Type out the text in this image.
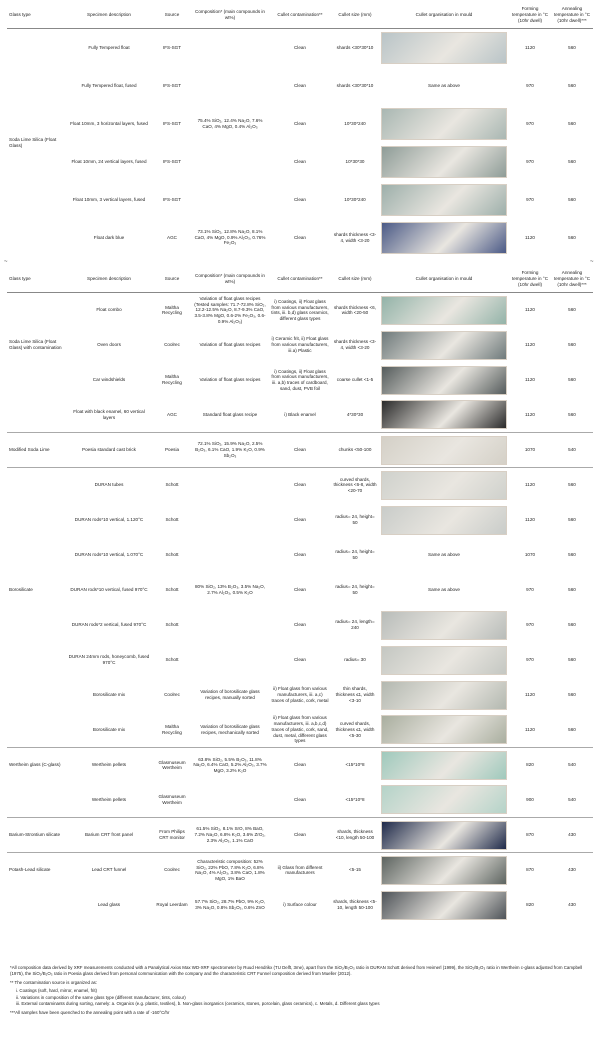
Glass type	Specimen description	Source	Composition* (main compounds in wt%)	Cullet contamination**	Cullet size (mm)	Cullet organisation in mould	Forming temperature in °C (10hr dwell)	Annealing temperature in °C (10hr dwell)***
Soda Lime Silica (Float Glass)	Fully Tempered float	IFS-SGT		Clean	shards <30*30*10		1120	560
	Fully Tempered float, fused	IFS-SGT		Clean	shards <30*30*10	Same as above	970	560
	Float 10mm, 3 horizontal layers, fused	IFS-SGT	75.4% SiO₂, 12.4% Na₂O, 7.6% CaO, 4% MgO, 0.4% Al₂O₃	Clean	10*30*240		970	560
	Float 10mm, 24 vertical layers, fused	IFS-SGT		Clean	10*30*30		970	560
	Float 10mm, 3 vertical layers, fused	IFS-SGT		Clean	10*30*240		970	560
	Float dark blue	AGC	73.1% SiO₂, 12.8% Na₂O, 8.1% CaO, 4% MgO, 0.9% Al₂O₃, 0.76% Fe₂O₃	Clean	shards thickness <3-4, width <3-20		1120	560
~	~
Glass type	Specimen description	Source	Composition* (main compounds in wt%)	Cullet contamination**	Cullet size (mm)	Cullet organisation in mould	Forming temperature in °C (10hr dwell)	Annealing temperature in °C (10hr dwell)***
	Float combo	Maltha Recycling	Variation of float glass recipes (Tested samples: 71.7-72.8% SiO₂, 12.2-12.5% Na₂O, 8.7-9.3% CaO, 3.5-3.8% MgO, 0.6-2% Fe₂O₃, 0.6-0.9% Al₂O₃)	i) Coatings, ii) Float glass from various manufacturers, tints, iii. b,d) glass ceramics, different glass types	shards thickness <6, width <20-50		1120	560
Soda Lime Silica (Float Glass) with contamination	Oven doors	Coolrec	Variation of float glass recipes	i) Ceramic frit, ii) Float glass from various manufacturers, iii.a) Plastic	shards thickness <3-4, width <3-20		1120	560
	Car windshields	Maltha Recycling	Variation of float glass recipes	i) Coatings, ii) Float glass from various manufacturers, iii. a,b) traces of cardboard, sand, dust, PVB foil	coarse cullet <1-5		1120	560
	Float with black enamel, 60 vertical layers	AGC	Standard float glass recipe	i) Black enamel	4*30*30		1120	560
Modified Soda Lime	Poesia standard cast brick	Poesia	72.1% SiO₂, 15.9% Na₂O, 2.5% B₂O₃, 6.1% CaO, 1.9% K₂O, 0.9% Sb₂O₃	Clean	chunks <50-100		1070	540
	DURAN tubes	Schott		Clean	curved shards, thickness <6-8, width <20-70		1120	560
	DURAN rods*10 vertical, 1.120°C	Schott		Clean	radius= 24, height= 50		1120	560
	DURAN rods*10 vertical, 1.070°C	Schott		Clean	radius= 24, height= 50	Same as above	1070	560
Borosilicate	DURAN rods*10 vertical, fused 970°C	Schott	80% SiO₂, 13% B₂O₃, 3.5% Na₂O, 2.7% Al₂O₃, 0.5% K₂O	Clean	radius= 24, height= 50	Same as above	970	560
	DURAN rods*2 vertical, fused 970°C	Schott		Clean	radius= 24, length= 240		970	560
	DURAN 24mm rods, honeycomb, fused 970°C	Schott		Clean	radius= 30		970	560
	Borosilicate mix	Coolrec	Variation of borosilicate glass recipes, manually sorted	ii) Float glass from various manufacturers, iii. a,c) traces of plastic, cork, metal	thin shards, thickness ≤1, width <3-10		1120	560
	Borosilicate mix	Maltha Recycling	Variation of borosilicate glass recipes, mechanically sorted	ii) Float glass from various manufacturers, iii. a,b,c,d) traces of plastic, cork, sand, dust, metal, different glass types	curved shards, thickness ≤1, width <5-30		1120	560
Wertheim glass (C-glass)	Wertheim pellets	Glasmuseum Wertheim	63.8% SiO₂, 5.5% B₂O₃, 11.8% Na₂O, 6.4% CaO, 5.2% Al₂O₃, 3.7% MgO, 3.2% K₂O	Clean	<15*10*8		820	540
	Wertheim pellets	Glasmuseum Wertheim		Clean	<15*10*8		900	540
Barium-Strontium silicate	Barium CRT front panel	From Philips CRT monitor	61.5% SiO₂, 8.1% SrO, 8% BaO, 7.2% Na₂O, 6.8% K₂O, 3.6% ZrO₂, 2.3% Al₂O₃, 1.1% CaO	Clean	shards, thickness <10, length 50-100		870	430
Potash-Lead silicate	Lead CRT funnel	Coolrec	Characteristic composition: 52% SiO₂, 22% PbO, 7.8% K₂O, 6.8% Na₂O, 4% Al₂O₃, 3.8% CaO, 1.8% MgO, 1% BaO	ii) Glass from different manufacturers	<5-15		870	430
	Lead glass	Royal Leerdam	57.7% SiO₂, 28.7% PbO, 9% K₂O, 3% Na₂O, 0.8% Sb₂O₃, 0.6% ZnO	i) Surface colour	shards, thickness <5-10, length 50-100		820	430

*All composition data derived by XRF measurements conducted with a Panalytical Axios Max WD-XRF spectrometer by Ruud Hendrikx (TU Delft, 3me), apart from the SiO₂/B₂O₃ ratio in DURAN Schott derived from Heimerl (1999), the SiO₂/B₂O₃ ratio in Wertheim c-glass adjusted from Campbell (1975), the SiO₂/B₂O₃ ratio in Poesia glass derived from personal communication with the company and the characteristic CRT Funnel composition derived from Mueller (2012).

** The contamination source is organized as:

i. Coatings (soft, hard, mirror, enamel, frit)

ii. Variations in composition of the same glass type (different manufacturer, tints, colour)

iii. External contaminants during sorting, namely: a. Organics (e.g. plastic, textiles), b. Non-glass inorganics (ceramics, stones, porcelain, glass ceramics), c. Metals, d. Different glass types

***All samples have been quenched to the annealing point with a rate of -160°C/hr
